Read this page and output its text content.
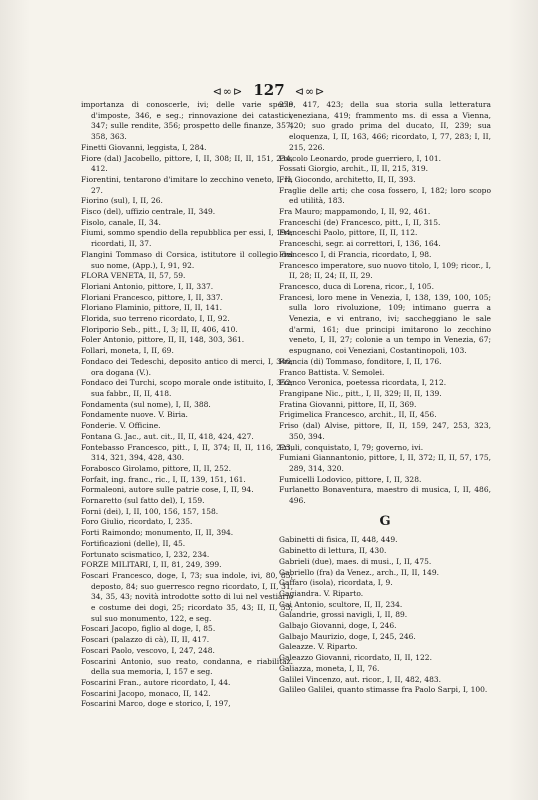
⊲∞⊳ 127 ⊲∞⊳

importanza di conoscerle, ivi; delle varie specie d'imposte, 346, e seg.; rinnovazione dei catastici, 347; sulle rendite, 356; prospetto delle finanze, 357, 358, 363.

Finetti Giovanni, leggista, I, 284.

Fiore (dal) Jacobello, pittore, I, II, 308; II, II, 151, 234, 412.

Fiorentini, tentarono d'imitare lo zecchino veneto, I, II, 27.

Fiorino (sul), I, II, 26.

Fisco (del), uffizio centrale, II, 349.

Fisolo, canale, II, 34.

Fiumi, sommo spendio della repubblica per essi, I, 194; ricordati, II, 37.

Flangini Tommaso di Corsica, istitutore il collegio del suo nome, (App.), I, 91, 92.

FLORA VENETA, II, 57, 59.

Floriani Antonio, pittore, I, II, 337.

Floriani Francesco, pittore, I, II, 337.

Floriano Flaminio, pittore, II, II, 141.

Florida, suo terreno ricordato, I, II, 92.

Floriporio Seb., pitt., I, 3; II, II, 406, 410.

Foler Antonio, pittore, II, II, 148, 303, 361.

Follari, moneta, I, II, 69.

Fondaco dei Tedeschi, deposito antico di merci, I, 346; ora dogana (V.).

Fondaco dei Turchi, scopo morale onde istituito, I, 352; sua fabbr., II, II, 418.

Fondamenta (sul nome), I, II, 388.

Fondamente nuove. V. Biria.

Fonderie. V. Officine.

Fontana G. Jac., aut. cit., II, II, 418, 424, 427.

Fontebasso Francesco, pitt., I, II, 374; II, II, 116, 223, 314, 321, 394, 428, 430.

Foraboscο Girolamo, pittore, II, II, 252.

Forfait, ing. franc., ric., I, II, 139, 151, 161.

Formaleoni, autore sulle patrie cose, I, II, 94.

Fornaretto (sul fatto del), I, 159.

Forni (dei), I, II, 100, 156, 157, 158.

Foro Giulio, ricordato, I, 235.

Forti Raimondo; monumento, II, II, 394.

Fortificazioni (delle), II, 45.

Fortunato scismatico, I, 232, 234.

FORZE MILITARI, I, II, 81, 249, 399.

Foscari Francesco, doge, I, 73; sua indole, ivi, 80, 85; deposto, 84; suo guerresco regno ricordato, I, II, 31, 34, 35, 43; novità introdotte sotto di lui nel vestiario e costume dei dogi, 25; ricordato 35, 43; II, II, 53; sul suo monumento, 122, e seg.

Foscari Jacopo, figlio al doge, I, 85.

Foscari (palazzo di cà), II, II, 417.

Foscari Paolo, vescovo, I, 247, 248.

Foscarini Antonio, suo reato, condanna, e riabilitaz. della sua memoria, I, 157 e seg.

Foscarini Fran., autore ricordato, I, 44.

Foscarini Jacopo, monaco, II, 142.

Foscarini Marco, doge e storico, I, 197,

279, 417, 423; della sua storia sulla letteratura veneziana, 419; frammento ms. di essa a Vienna, 420; suo grado prima del ducato, II, 239; sua eloquenza, I, II, 163, 466; ricordato, I, 77, 283; I, II, 215, 226.

Foscolo Leonardo, prode guerriero, I, 101.

Fossati Giorgio, archit., II, II, 215, 319.

Fra Giocondo, architetto, II, II, 393.

Fraglie delle arti; che cosa fossero, I, 182; loro scopo ed utilità, 183.

Fra Mauro; mappamondo, I, II, 92, 461.

Franceschi (de) Francesco, pitt., I, II, 315.

Franceschi Paolo, pittore, II, II, 112.

Franceschi, segr. ai correttori, I, 136, 164.

Francesco I, di Francia, ricordato, I, 98.

Francesco imperatore, suo nuovo titolo, I, 109; ricor., I, II, 28; II, 24; II, II, 29.

Francesco, duca di Lorena, ricor., I, 105.

Francesi, loro mene in Venezia, I, 138, 139, 100, 105; sulla loro rivoluzione, 109; intimano guerra a Venezia, e vi entrano, ivi; saccheggiano le sale d'armi, 161; due principi imitarono lo zecchino veneto, I, II, 27; colonie a un tempo in Venezia, 67; espugnano, coi Veneziani, Costantinopoli, 103.

Francia (di) Tommaso, fonditore, I, II, 176.

Franco Battista. V. Semolei.

Franco Veronica, poetessa ricordata, I, 212.

Frangipane Nic., pitt., I, II, 329; II, II, 139.

Fratina Giovanni, pittore, II, II, 369.

Frigimelica Francesco, archit., II, II, 456.

Friso (dal) Alvise, pittore, II, II, 159, 247, 253, 323, 350, 394.

Friuli, conquistato, I, 79; governo, ivi.

Fumiani Giannantonio, pittore, I, II, 372; II, II, 57, 175, 289, 314, 320.

Fumicelli Lodovico, pittore, I, II, 328.

Furlanetto Bonaventura, maestro di musica, I, II, 486, 496.

G

Gabinetti di fisica, II, 448, 449.

Gabinetto di lettura, II, 430.

Gabrieli (due), maes. di musi., I, II, 475.

Gabriello (fra) da Venez., arch., II, II, 149.

Gaffaro (isola), ricordata, I, 9.

Gagiandra. V. Riparto.

Gai Antonio, scultore, II, II, 234.

Galandrie, grossi navigli, I, II, 89.

Galbajo Giovanni, doge, I, 246.

Galbajo Maurizio, doge, I, 245, 246.

Galeazze. V. Riparto.

Galeazzo Giovanni, ricordato, II, II, 122.

Galiazza, moneta, I, II, 76.

Galilei Vincenzo, aut. ricor., I, II, 482, 483.

Galileo Galilei, quanto stimasse fra Paolo Sarpi, I, 100.
